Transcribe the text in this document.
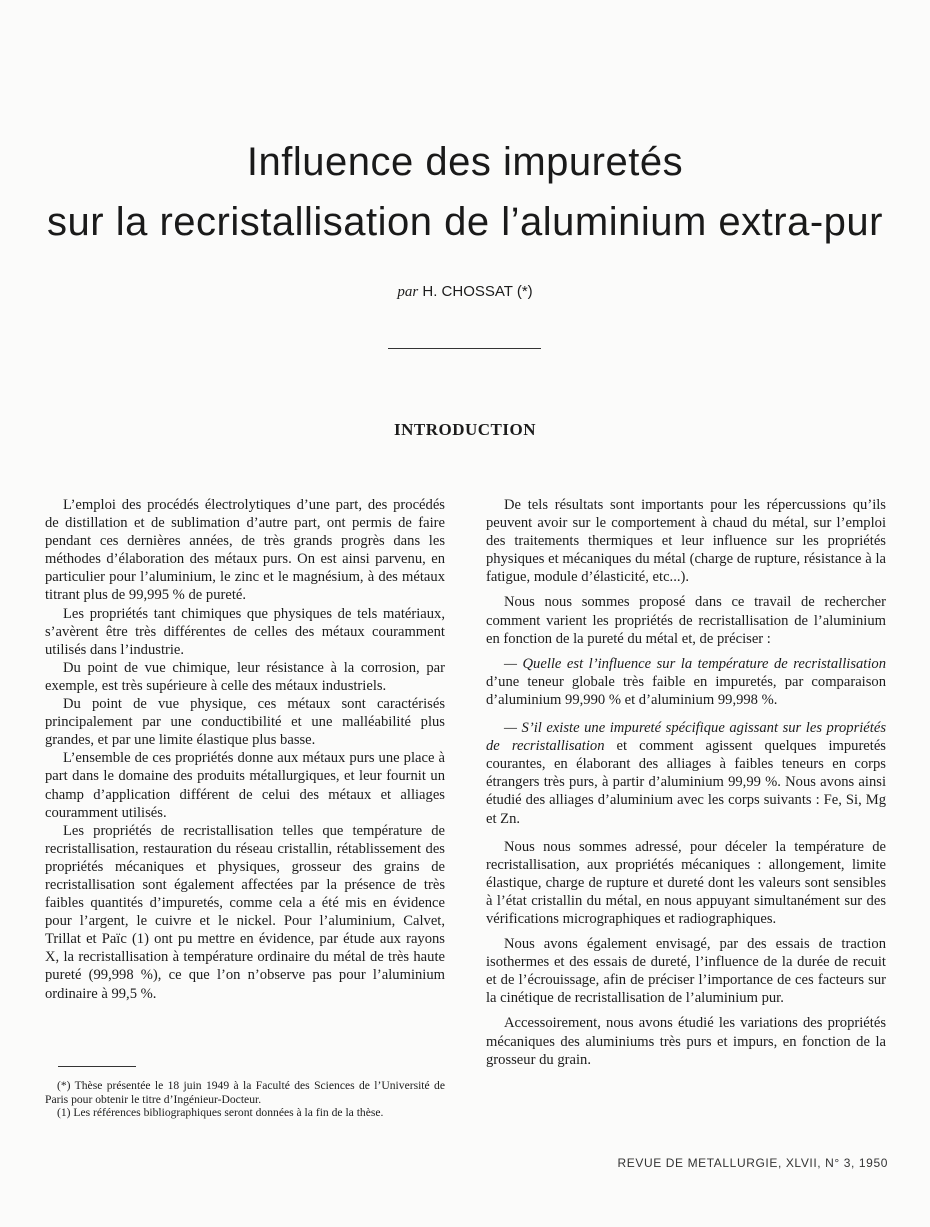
Influence des impuretés
sur la recristallisation de l’aluminium extra-pur
par H. CHOSSAT (*)
INTRODUCTION

L’emploi des procédés électrolytiques d’une part, des procédés de distillation et de sublimation d’autre part, ont permis de faire pendant ces dernières années, de très grands progrès dans les méthodes d’élaboration des métaux purs. On est ainsi parvenu, en particulier pour l’aluminium, le zinc et le magnésium, à des métaux titrant plus de 99,995 % de pureté.

Les propriétés tant chimiques que physiques de tels matériaux, s’avèrent être très différentes de celles des métaux couramment utilisés dans l’industrie.

Du point de vue chimique, leur résistance à la corrosion, par exemple, est très supérieure à celle des métaux industriels.

Du point de vue physique, ces métaux sont caractérisés principalement par une conductibilité et une malléabilité plus grandes, et par une limite élastique plus basse.

L’ensemble de ces propriétés donne aux métaux purs une place à part dans le domaine des produits métallurgiques, et leur fournit un champ d’application différent de celui des métaux et alliages couramment utilisés.

Les propriétés de recristallisation telles que température de recristallisation, restauration du réseau cristallin, rétablissement des propriétés mécaniques et physiques, grosseur des grains de recristallisation sont également affectées par la présence de très faibles quantités d’impuretés, comme cela a été mis en évidence pour l’argent, le cuivre et le nickel. Pour l’aluminium, Calvet, Trillat et Païc (1) ont pu mettre en évidence, par étude aux rayons X, la recristallisation à température ordinaire du métal de très haute pureté (99,998 %), ce que l’on n’observe pas pour l’aluminium ordinaire à 99,5 %.

De tels résultats sont importants pour les répercussions qu’ils peuvent avoir sur le comportement à chaud du métal, sur l’emploi des traitements thermiques et leur influence sur les propriétés physiques et mécaniques du métal (charge de rupture, résistance à la fatigue, module d’élasticité, etc...).

Nous nous sommes proposé dans ce travail de rechercher comment varient les propriétés de recristallisation de l’aluminium en fonction de la pureté du métal et, de préciser :

— Quelle est l’influence sur la température de recristallisation d’une teneur globale très faible en impuretés, par comparaison d’aluminium 99,990 % et d’aluminium 99,998 %.

— S’il existe une impureté spécifique agissant sur les propriétés de recristallisation et comment agissent quelques impuretés courantes, en élaborant des alliages à faibles teneurs en corps étrangers très purs, à partir d’aluminium 99,99 %. Nous avons ainsi étudié des alliages d’aluminium avec les corps suivants : Fe, Si, Mg et Zn.

Nous nous sommes adressé, pour déceler la température de recristallisation, aux propriétés mécaniques : allongement, limite élastique, charge de rupture et dureté dont les valeurs sont sensibles à l’état cristallin du métal, en nous appuyant simultanément sur des vérifications micrographiques et radiographiques.

Nous avons également envisagé, par des essais de traction isothermes et des essais de dureté, l’influence de la durée de recuit et de l’écrouissage, afin de préciser l’importance de ces facteurs sur la cinétique de recristallisation de l’aluminium pur.

Accessoirement, nous avons étudié les variations des propriétés mécaniques des aluminiums très purs et impurs, en fonction de la grosseur du grain.

(*) Thèse présentée le 18 juin 1949 à la Faculté des Sciences de l’Université de Paris pour obtenir le titre d’Ingénieur-Docteur.

(1) Les références bibliographiques seront données à la fin de la thèse.

REVUE DE METALLURGIE, XLVII, N° 3, 1950
